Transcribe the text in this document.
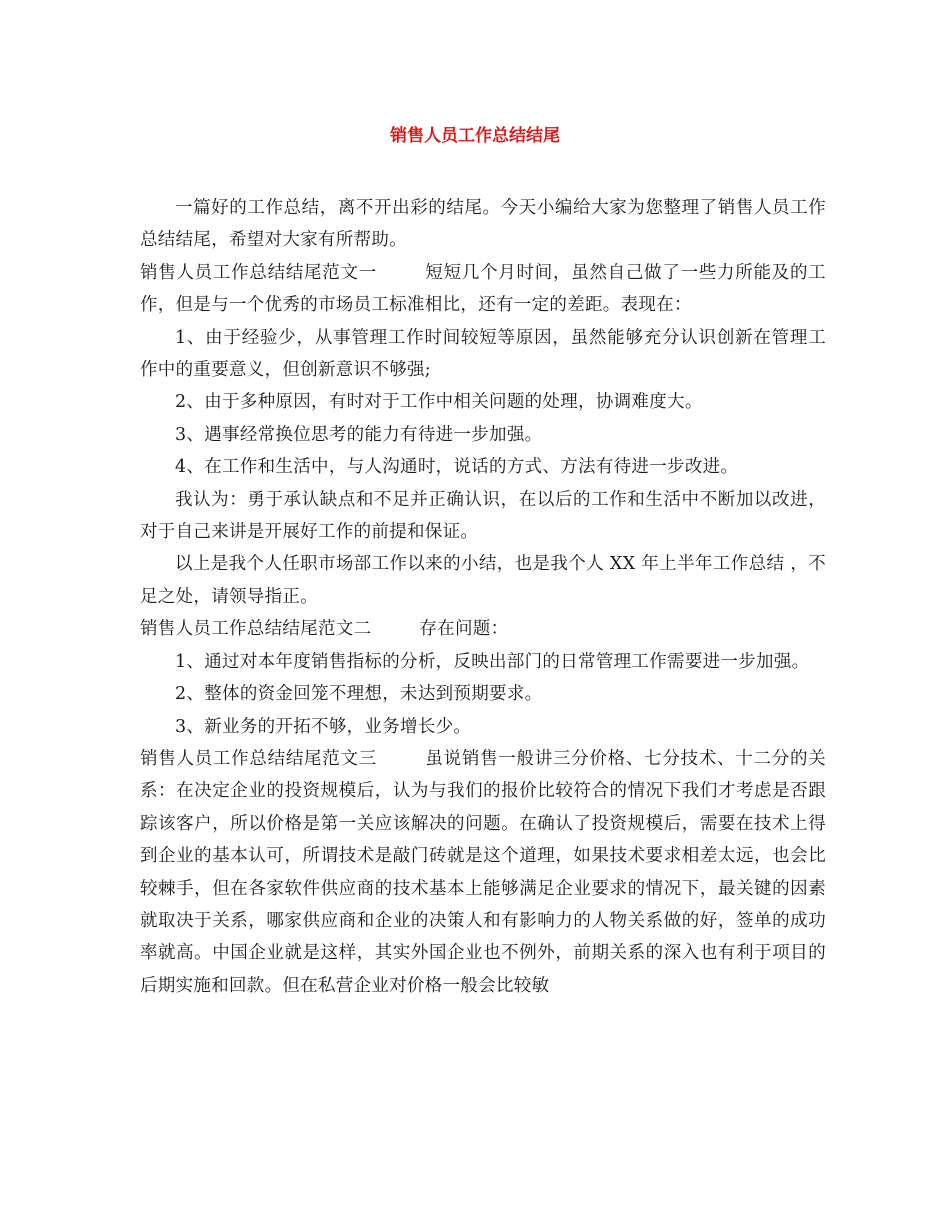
销售人员工作总结结尾

一篇好的工作总结，离不开出彩的结尾。今天小编给大家为您整理了销售人员工作总结结尾，希望对大家有所帮助。

销售人员工作总结结尾范文一	短短几个月时间，虽然自己做了一些力所能及的工作，但是与一个优秀的市场员工标准相比，还有一定的差距。表现在：

1、由于经验少，从事管理工作时间较短等原因，虽然能够充分认识创新在管理工作中的重要意义，但创新意识不够强;

2、由于多种原因，有时对于工作中相关问题的处理，协调难度大。

3、遇事经常换位思考的能力有待进一步加强。

4、在工作和生活中，与人沟通时，说话的方式、方法有待进一步改进。

我认为：勇于承认缺点和不足并正确认识，在以后的工作和生活中不断加以改进，对于自己来讲是开展好工作的前提和保证。

以上是我个人任职市场部工作以来的小结，也是我个人 XX 年上半年工作总结 ，不足之处，请领导指正。

销售人员工作总结结尾范文二	存在问题：

1、通过对本年度销售指标的分析，反映出部门的日常管理工作需要进一步加强。

2、整体的资金回笼不理想，未达到预期要求。

3、新业务的开拓不够，业务增长少。

销售人员工作总结结尾范文三	虽说销售一般讲三分价格、七分技术、十二分的关系：在决定企业的投资规模后，认为与我们的报价比较符合的情况下我们才考虑是否跟踪该客户，所以价格是第一关应该解决的问题。在确认了投资规模后，需要在技术上得到企业的基本认可，所谓技术是敲门砖就是这个道理，如果技术要求相差太远，也会比较棘手，但在各家软件供应商的技术基本上能够满足企业要求的情况下，最关键的因素就取决于关系，哪家供应商和企业的决策人和有影响力的人物关系做的好，签单的成功率就高。中国企业就是这样，其实外国企业也不例外，前期关系的深入也有利于项目的后期实施和回款。但在私营企业对价格一般会比较敏
